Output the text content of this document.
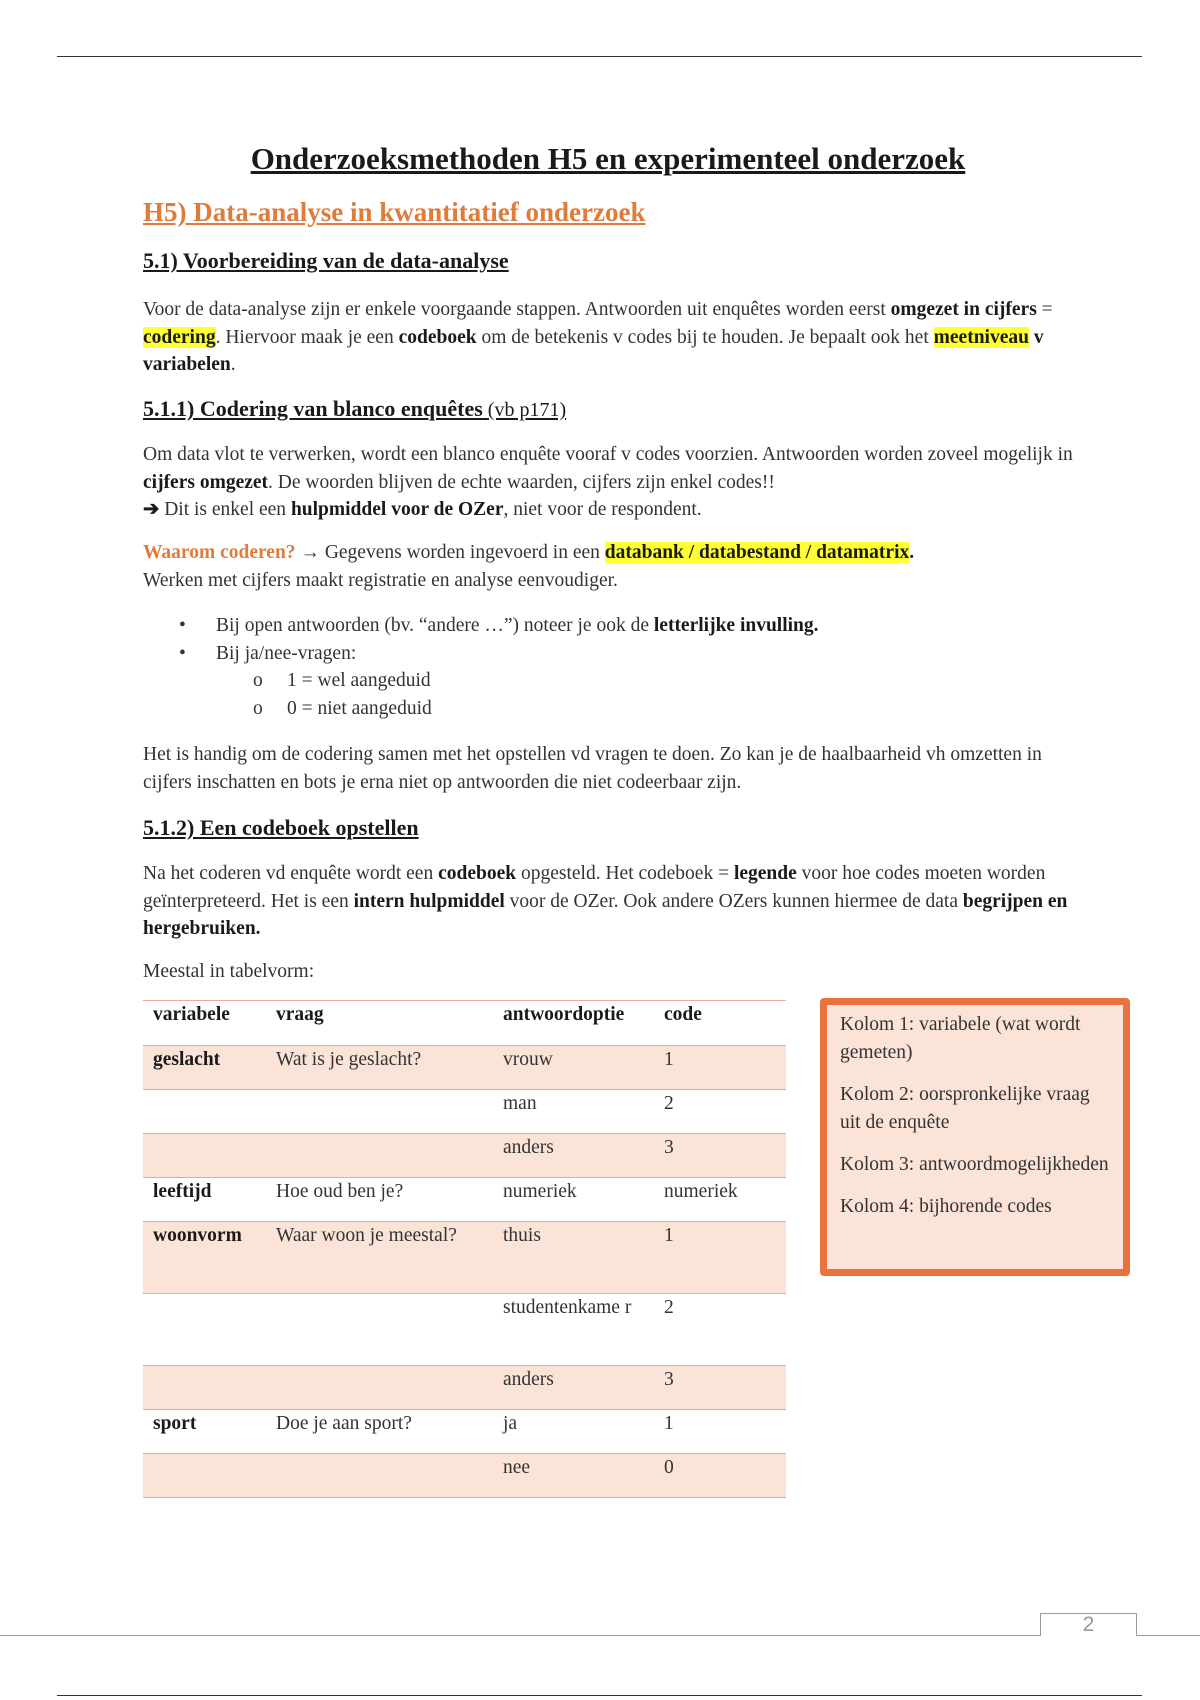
Onderzoeksmethoden H5 en experimenteel onderzoek
H5) Data-analyse in kwantitatief onderzoek
5.1) Voorbereiding van de data-analyse
Voor de data-analyse zijn er enkele voorgaande stappen. Antwoorden uit enquêtes worden eerst omgezet in cijfers = codering. Hiervoor maak je een codeboek om de betekenis v codes bij te houden. Je bepaalt ook het meetniveau v variabelen.
5.1.1) Codering van blanco enquêtes (vb p171)
Om data vlot te verwerken, wordt een blanco enquête vooraf v codes voorzien. Antwoorden worden zoveel mogelijk in cijfers omgezet. De woorden blijven de echte waarden, cijfers zijn enkel codes!!
➔ Dit is enkel een hulpmiddel voor de OZer, niet voor de respondent.
Waarom coderen? → Gegevens worden ingevoerd in een databank / databestand / datamatrix.
Werken met cijfers maakt registratie en analyse eenvoudiger.
• Bij open antwoorden (bv. “andere …”) noteer je ook de letterlijke invulling.
• Bij ja/nee-vragen:
o 1 = wel aangeduid
o 0 = niet aangeduid
Het is handig om de codering samen met het opstellen vd vragen te doen. Zo kan je de haalbaarheid vh omzetten in cijfers inschatten en bots je erna niet op antwoorden die niet codeerbaar zijn.
5.1.2) Een codeboek opstellen
Na het coderen vd enquête wordt een codeboek opgesteld. Het codeboek = legende voor hoe codes moeten worden geïnterpreteerd. Het is een intern hulpmiddel voor de OZer. Ook andere OZers kunnen hiermee de data begrijpen en hergebruiken.
Meestal in tabelvorm:
variabele	vraag	antwoordoptie	code
geslacht	Wat is je geslacht?	vrouw	1
		man	2
		anders	3
leeftijd	Hoe oud ben je?	numeriek	numeriek
woonvorm	Waar woon je meestal?	thuis	1
		studentenkame r	2
		anders	3
sport	Doe je aan sport?	ja	1
		nee	0

Kolom 1: variabele (wat wordt gemeten)

Kolom 2: oorspronkelijke vraag uit de enquête

Kolom 3: antwoordmogelijkheden

Kolom 4: bijhorende codes

2
